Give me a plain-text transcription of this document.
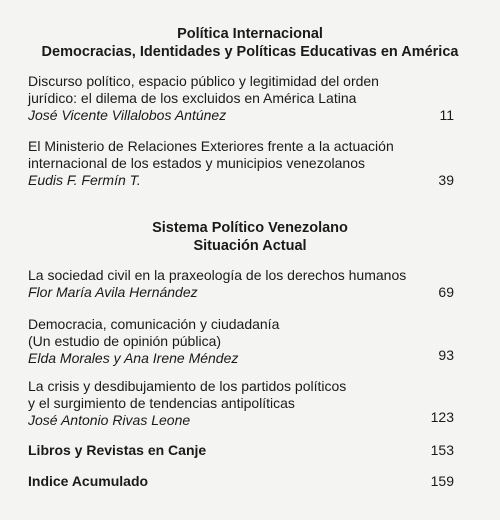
Política Internacional
Democracias, Identidades y Políticas Educativas en América
Discurso político, espacio público y legitimidad del orden
jurídico: el dilema de los excluidos en América Latina
José Vicente Villalobos Antúnez	11
El Ministerio de Relaciones Exteriores frente a la actuación
internacional de los estados y municipios venezolanos
Eudis F. Fermín T.	39
Sistema Político Venezolano
Situación Actual
La sociedad civil en la praxeología de los derechos humanos
Flor María Avila Hernández	69
Democracia, comunicación y ciudadanía
(Un estudio de opinión pública)
Elda Morales y Ana Irene Méndez	93
La crisis y desdibujamiento de los partidos políticos
y el surgimiento de tendencias antipolíticas
José Antonio Rivas Leone	123
Libros y Revistas en Canje	153
Indice Acumulado	159
